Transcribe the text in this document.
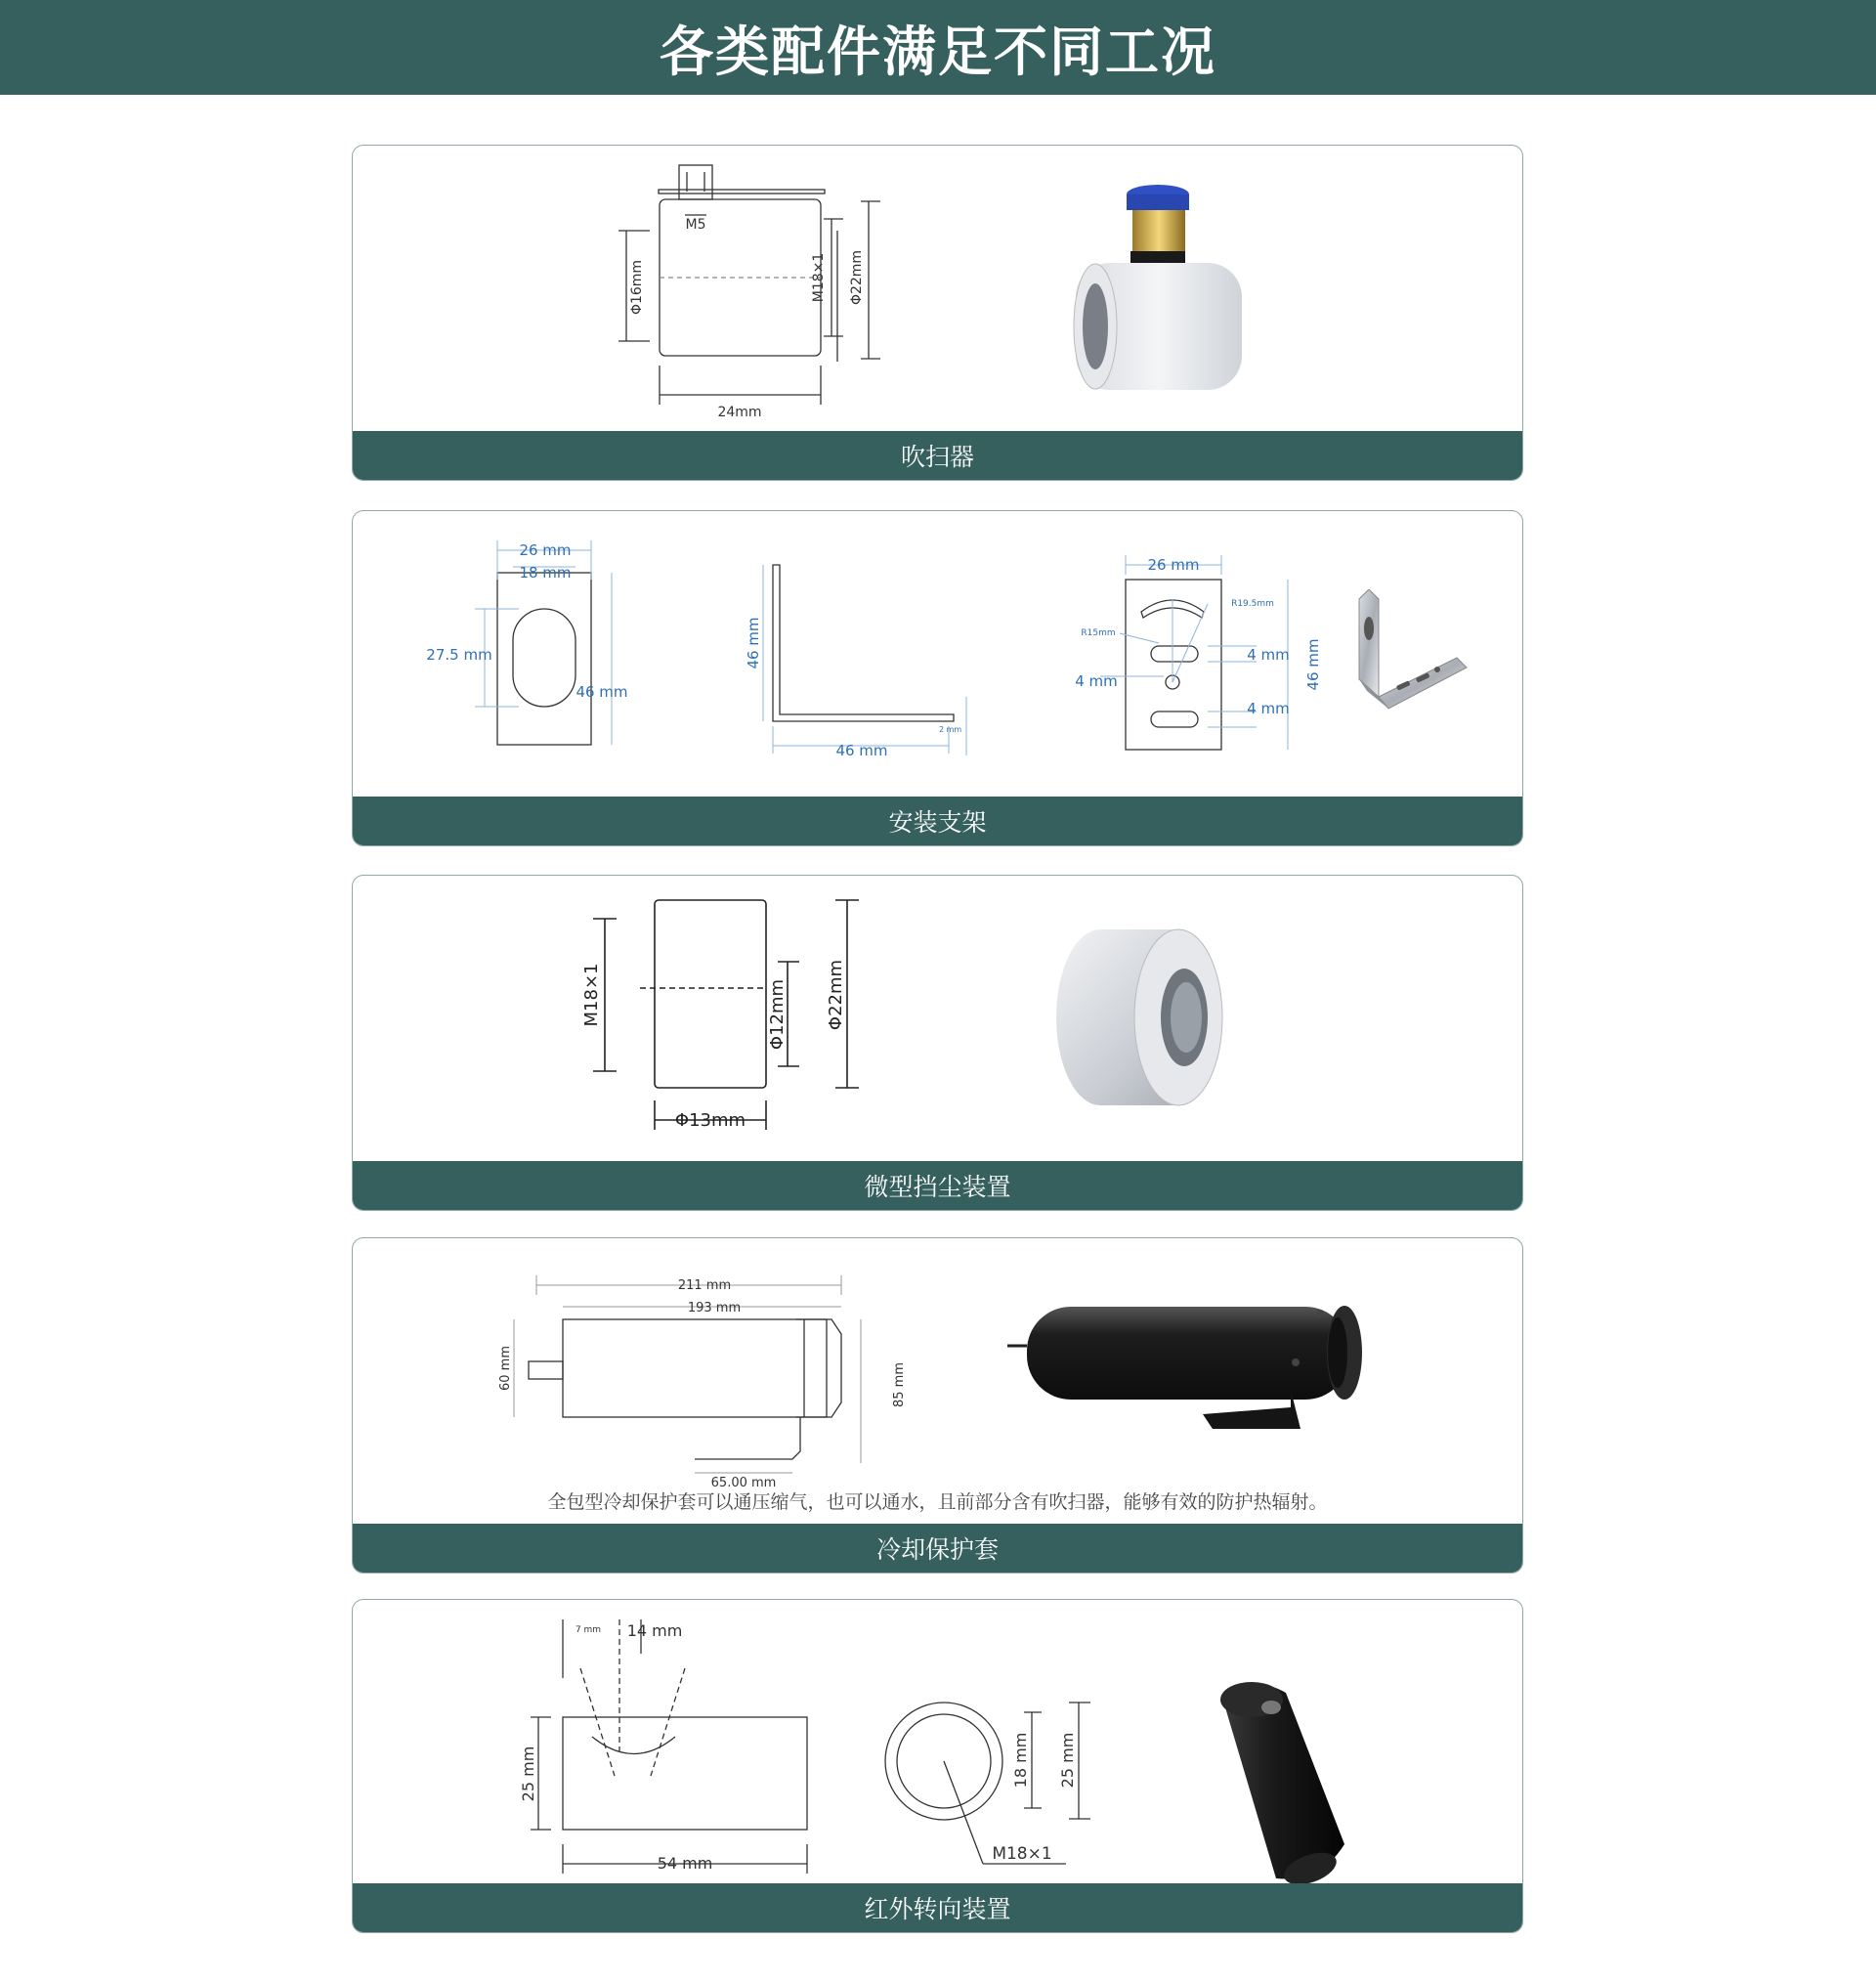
各类配件满足不同工况
M5
Φ16mm
24mm
M18×1 Φ22mm
吹扫器
26 mm
18 mm
27.5 mm
46 mm
46 mm
46 mm
2 mm
26 mm
R19.5mm
R15mm
4 mm
4 mm
4 mm
46 mm
安装支架
M18×1	Φ12mm Φ22mm
Φ13mm
微型挡尘装置
211 mm
193 mm
60 mm
65.00 mm
85 mm
全包型冷却保护套可以通压缩气，也可以通水，且前部分含有吹扫器，能够有效的防护热辐射。
冷却保护套
7 mm 14 mm
25 mm
54 mm
18 mm 25 mm
M18×1
红外转向装置
